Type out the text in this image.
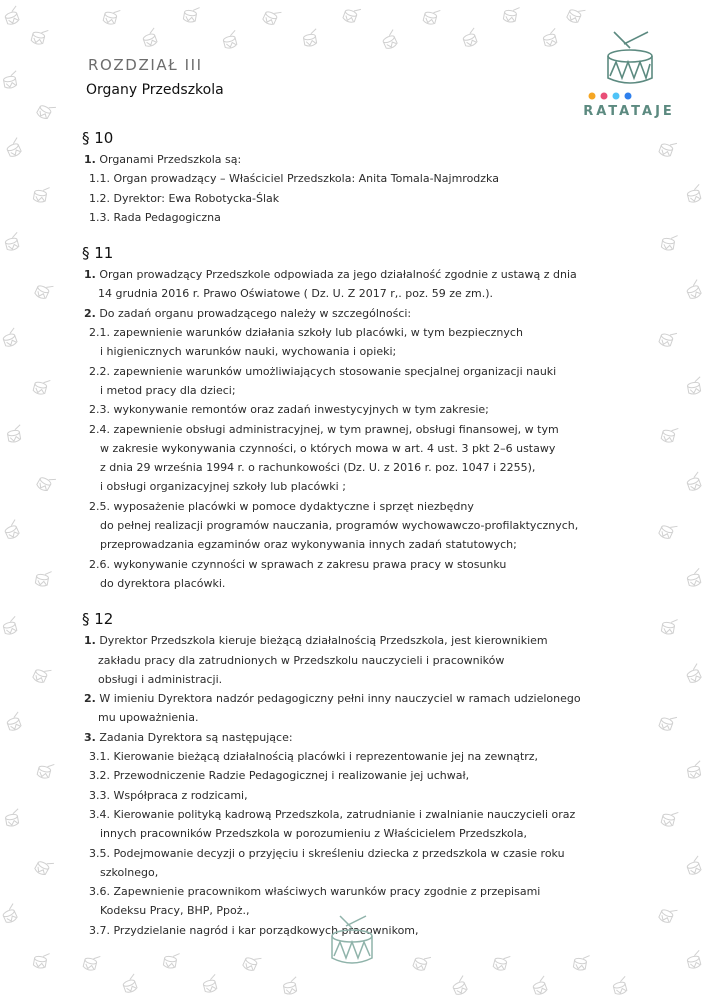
ROZDZIAŁ III
Organy Przedszkola
RATATAJE
§ 10
1. Organami Przedszkola są:
1.1. Organ prowadzący – Właściciel Przedszkola: Anita Tomala-Najmrodzka
1.2. Dyrektor: Ewa Robotycka-Ślak
1.3. Rada Pedagogiczna
§ 11
1. Organ prowadzący Przedszkole odpowiada za jego działalność zgodnie z ustawą z dnia
14 grudnia 2016 r. Prawo Oświatowe ( Dz. U. Z 2017 r,. poz. 59 ze zm.).
2. Do zadań organu prowadzącego należy w szczególności:
2.1. zapewnienie warunków działania szkoły lub placówki, w tym bezpiecznych
i higienicznych warunków nauki, wychowania i opieki;
2.2. zapewnienie warunków umożliwiających stosowanie specjalnej organizacji nauki
i metod pracy dla dzieci;
2.3. wykonywanie remontów oraz zadań inwestycyjnych w tym zakresie;
2.4. zapewnienie obsługi administracyjnej, w tym prawnej, obsługi finansowej, w tym
w zakresie wykonywania czynności, o których mowa w art. 4 ust. 3 pkt 2–6 ustawy
z dnia 29 września 1994 r. o rachunkowości (Dz. U. z 2016 r. poz. 1047 i 2255),
i obsługi organizacyjnej szkoły lub placówki ;
2.5. wyposażenie placówki w pomoce dydaktyczne i sprzęt niezbędny
do pełnej realizacji programów nauczania, programów wychowawczo-profilaktycznych,
przeprowadzania egzaminów oraz wykonywania innych zadań statutowych;
2.6. wykonywanie czynności w sprawach z zakresu prawa pracy w stosunku
do dyrektora placówki.
§ 12
1. Dyrektor Przedszkola kieruje bieżącą działalnością Przedszkola, jest kierownikiem
zakładu pracy dla zatrudnionych w Przedszkolu nauczycieli i pracowników
obsługi i administracji.
2. W imieniu Dyrektora nadzór pedagogiczny pełni inny nauczyciel w ramach udzielonego
mu upoważnienia.
3. Zadania Dyrektora są następujące:
3.1. Kierowanie bieżącą działalnością placówki i reprezentowanie jej na zewnątrz,
3.2. Przewodniczenie Radzie Pedagogicznej i realizowanie jej uchwał,
3.3. Współpraca z rodzicami,
3.4. Kierowanie polityką kadrową Przedszkola, zatrudnianie i zwalnianie nauczycieli oraz
innych pracowników Przedszkola w porozumieniu z Właścicielem Przedszkola,
3.5. Podejmowanie decyzji o przyjęciu i skreśleniu dziecka z przedszkola w czasie roku
szkolnego,
3.6. Zapewnienie pracownikom właściwych warunków pracy zgodnie z przepisami
Kodeksu Pracy, BHP, Ppoż.,
3.7. Przydzielanie nagród i kar porządkowych pracownikom,
